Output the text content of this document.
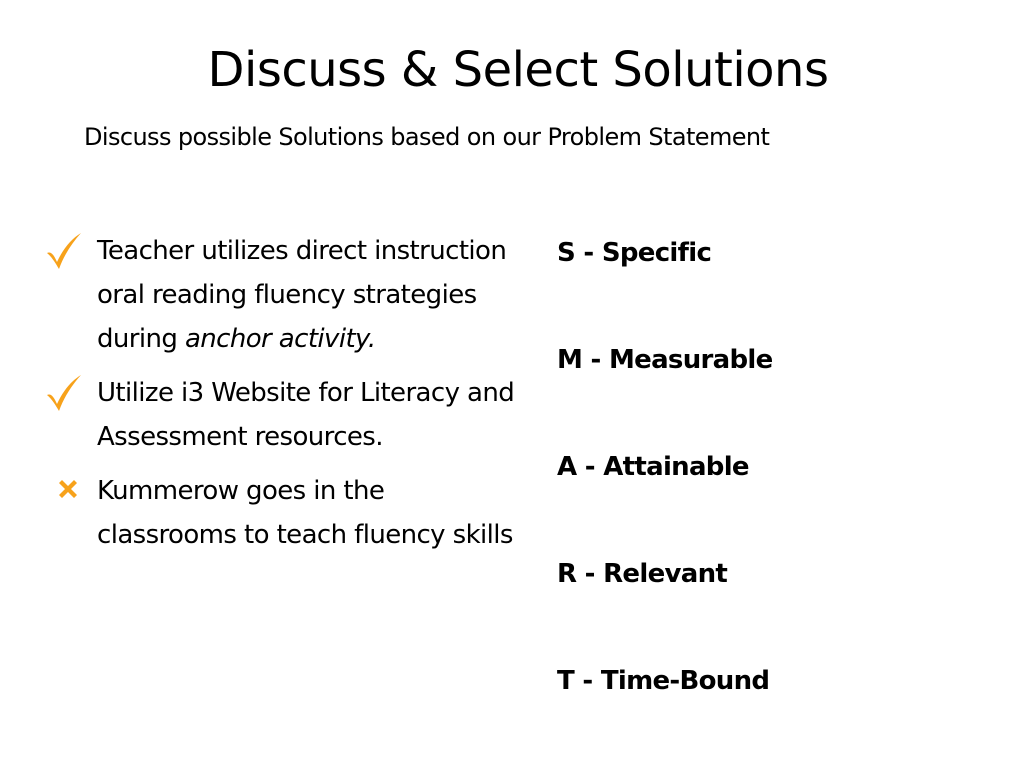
Discuss & Select Solutions
Discuss possible Solutions based on our Problem Statement
Teacher utilizes direct instruction oral reading fluency strategies during anchor activity.
Utilize i3 Website for Literacy and Assessment resources.
Kummerow goes in the classrooms to teach fluency skills
S - Specific
M - Measurable
A - Attainable
R - Relevant
T - Time-Bound
